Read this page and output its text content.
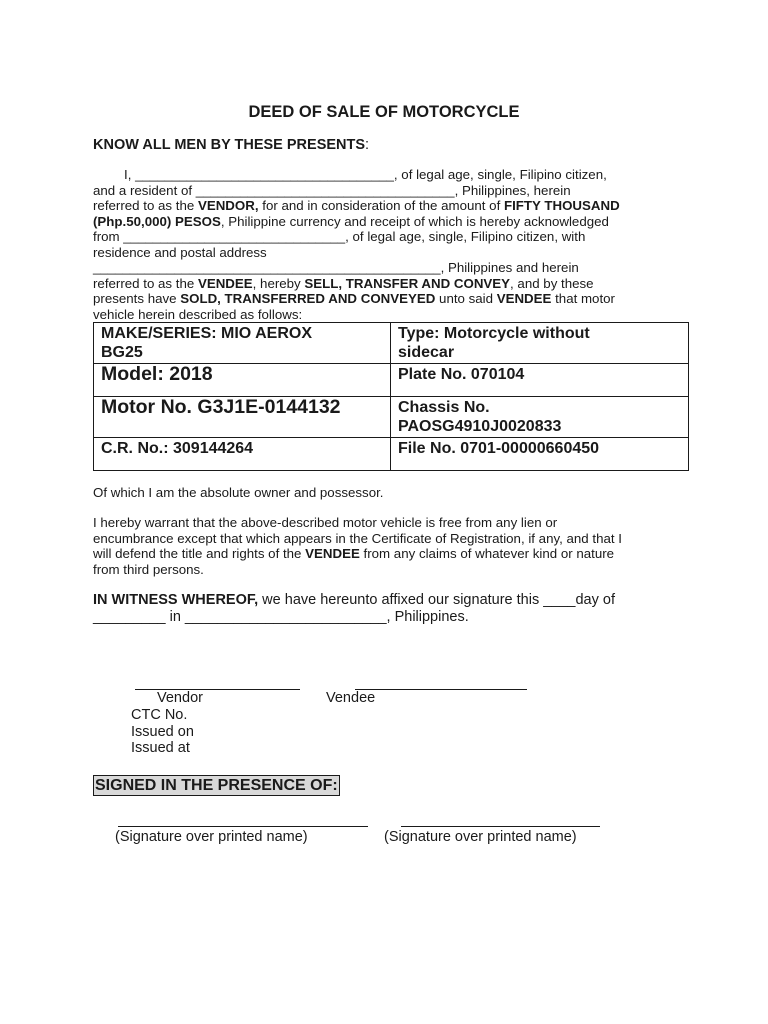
DEED OF SALE OF MOTORCYCLE
KNOW ALL MEN BY THESE PRESENTS:
I, ___________________________________, of legal age, single, Filipino citizen,
and a resident of ___________________________________, Philippines, herein
referred to as the VENDOR, for and in consideration of the amount of FIFTY THOUSAND
(Php.50,000) PESOS, Philippine currency and receipt of which is hereby acknowledged
from ______________________________, of legal age, single, Filipino citizen, with
residence and postal address
_______________________________________________, Philippines and herein
referred to as the VENDEE, hereby SELL, TRANSFER AND CONVEY, and by these
presents have SOLD, TRANSFERRED AND CONVEYED unto said VENDEE that motor
vehicle herein described as follows:
MAKE/SERIES: MIO AEROX
BG25	Type: Motorcycle without
sidecar
Model: 2018	Plate No. 070104
Motor No. G3J1E-0144132	Chassis No.
PAOSG4910J0020833
C.R. No.: 309144264	File No. 0701-00000660450
Of which I am the absolute owner and possessor.
I hereby warrant that the above-described motor vehicle is free from any lien or
encumbrance except that which appears in the Certificate of Registration, if any, and that I
will defend the title and rights of the VENDEE from any claims of whatever kind or nature
from third persons.
IN WITNESS WHEREOF, we have hereunto affixed our signature this ____day of
_________ in _________________________, Philippines.
Vendor	Vendee
CTC No.
Issued on
Issued at
SIGNED IN THE PRESENCE OF:
(Signature over printed name)	(Signature over printed name)
